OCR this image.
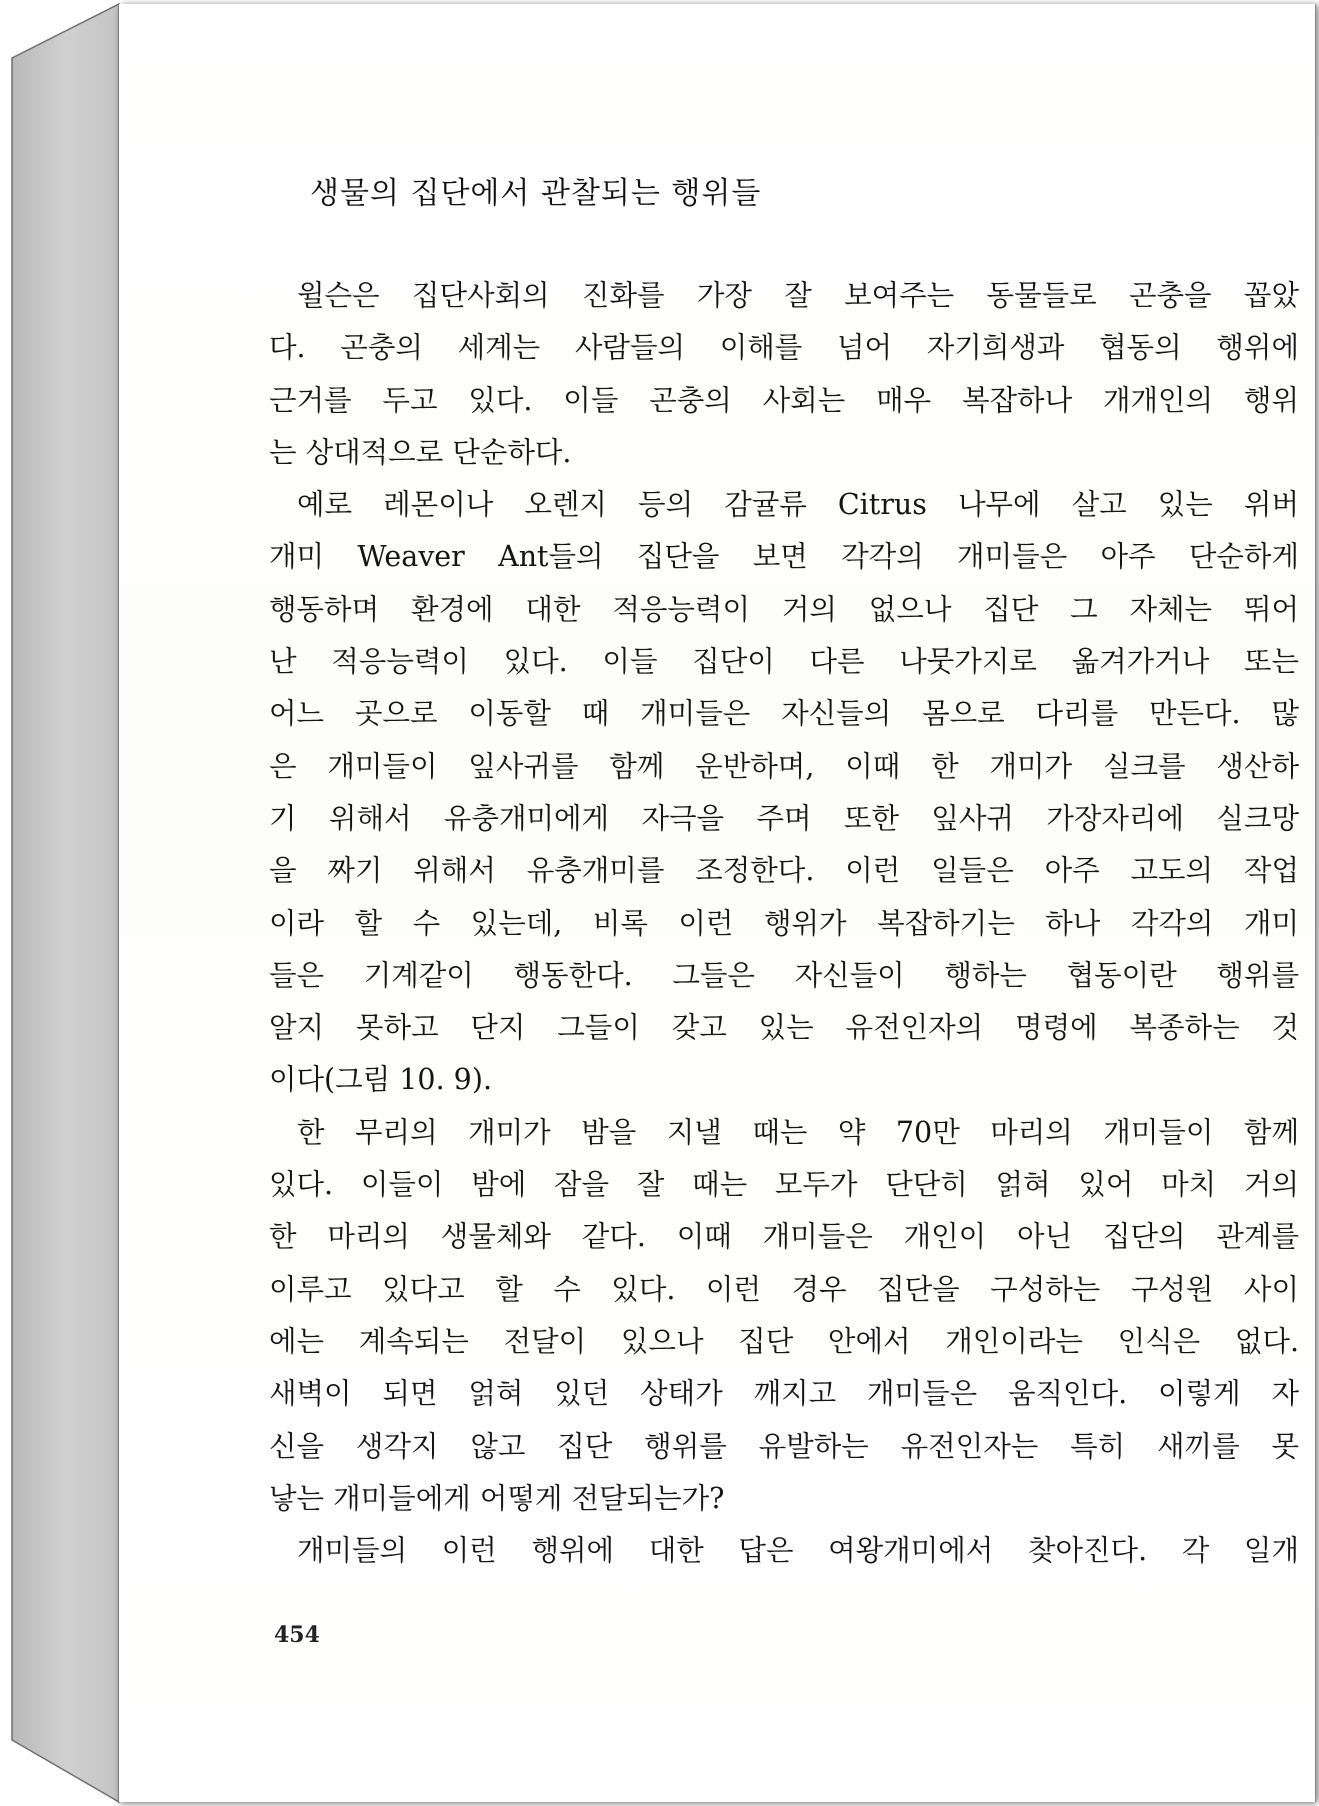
생물의 집단에서 관찰되는 행위들
윌슨은 집단사회의 진화를 가장 잘 보여주는 동물들로 곤충을 꼽았
다. 곤충의 세계는 사람들의 이해를 넘어 자기희생과 협동의 행위에
근거를 두고 있다. 이들 곤충의 사회는 매우 복잡하나 개개인의 행위
는 상대적으로 단순하다.
예로 레몬이나 오렌지 등의 감귤류 Citrus 나무에 살고 있는 위버
개미 Weaver Ant들의 집단을 보면 각각의 개미들은 아주 단순하게
행동하며 환경에 대한 적응능력이 거의 없으나 집단 그 자체는 뛰어
난 적응능력이 있다. 이들 집단이 다른 나뭇가지로 옮겨가거나 또는
어느 곳으로 이동할 때 개미들은 자신들의 몸으로 다리를 만든다. 많
은 개미들이 잎사귀를 함께 운반하며, 이때 한 개미가 실크를 생산하
기 위해서 유충개미에게 자극을 주며 또한 잎사귀 가장자리에 실크망
을 짜기 위해서 유충개미를 조정한다. 이런 일들은 아주 고도의 작업
이라 할 수 있는데, 비록 이런 행위가 복잡하기는 하나 각각의 개미
들은 기계같이 행동한다. 그들은 자신들이 행하는 협동이란 행위를
알지 못하고 단지 그들이 갖고 있는 유전인자의 명령에 복종하는 것
이다(그림 10. 9).
한 무리의 개미가 밤을 지낼 때는 약 70만 마리의 개미들이 함께
있다. 이들이 밤에 잠을 잘 때는 모두가 단단히 얽혀 있어 마치 거의
한 마리의 생물체와 같다. 이때 개미들은 개인이 아닌 집단의 관계를
이루고 있다고 할 수 있다. 이런 경우 집단을 구성하는 구성원 사이
에는 계속되는 전달이 있으나 집단 안에서 개인이라는 인식은 없다.
새벽이 되면 얽혀 있던 상태가 깨지고 개미들은 움직인다. 이렇게 자
신을 생각지 않고 집단 행위를 유발하는 유전인자는 특히 새끼를 못
낳는 개미들에게 어떻게 전달되는가?
개미들의 이런 행위에 대한 답은 여왕개미에서 찾아진다. 각 일개
454
